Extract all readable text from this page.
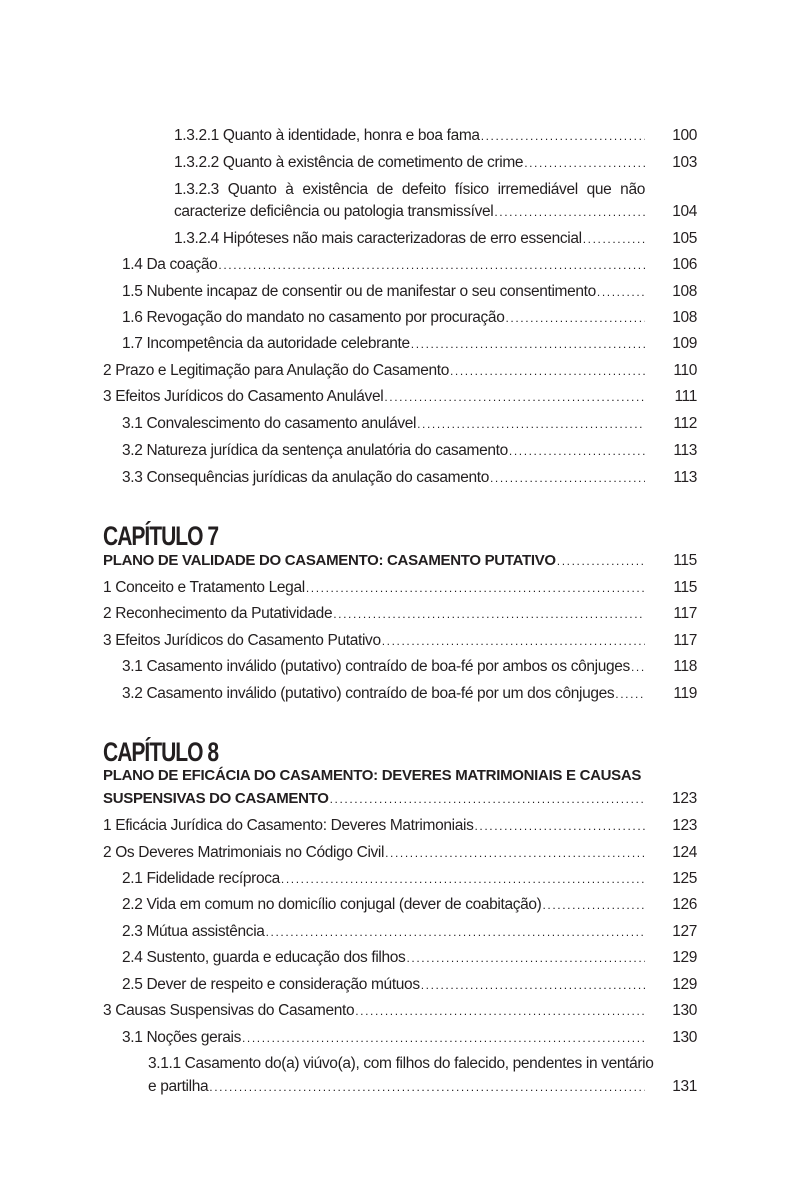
1.3.2.1 Quanto à identidade, honra e boa fama .....	100
1.3.2.2 Quanto à existência de cometimento de crime .....	103
1.3.2.3 Quanto à existência de defeito físico irremediável que não
caracterize deficiência ou patologia transmissível .....	104
1.3.2.4 Hipóteses não mais caracterizadoras de erro essencial .....	105
1.4 Da coação .....	106
1.5 Nubente incapaz de consentir ou de manifestar o seu consentimento .....	108
1.6 Revogação do mandato no casamento por procuração .....	108
1.7 Incompetência da autoridade celebrante .....	109
2 Prazo e Legitimação para Anulação do Casamento .....	110
3 Efeitos Jurídicos do Casamento Anulável .....	111
3.1 Convalescimento do casamento anulável .....	112
3.2 Natureza jurídica da sentença anulatória do casamento .....	113
3.3 Consequências jurídicas da anulação do casamento .....	113
CAPÍTULO 7
PLANO DE VALIDADE DO CASAMENTO: CASAMENTO PUTATIVO .....	115
1 Conceito e Tratamento Legal .....	115
2 Reconhecimento da Putatividade .....	117
3 Efeitos Jurídicos do Casamento Putativo .....	117
3.1 Casamento inválido (putativo) contraído de boa-fé por ambos os cônjuges .....	118
3.2 Casamento inválido (putativo) contraído de boa-fé por um dos cônjuges .....	119
CAPÍTULO 8
PLANO DE EFICÁCIA DO CASAMENTO: DEVERES MATRIMONIAIS E CAUSAS
SUSPENSIVAS DO CASAMENTO .....	123
1 Eficácia Jurídica do Casamento: Deveres Matrimoniais .....	123
2 Os Deveres Matrimoniais no Código Civil .....	124
2.1 Fidelidade recíproca .....	125
2.2 Vida em comum no domicílio conjugal (dever de coabitação) .....	126
2.3 Mútua assistência .....	127
2.4 Sustento, guarda e educação dos filhos .....	129
2.5 Dever de respeito e consideração mútuos .....	129
3 Causas Suspensivas do Casamento .....	130
3.1 Noções gerais .....	130
3.1.1 Casamento do(a) viúvo(a), com filhos do falecido, pendentes in ventário
e partilha .....	131
